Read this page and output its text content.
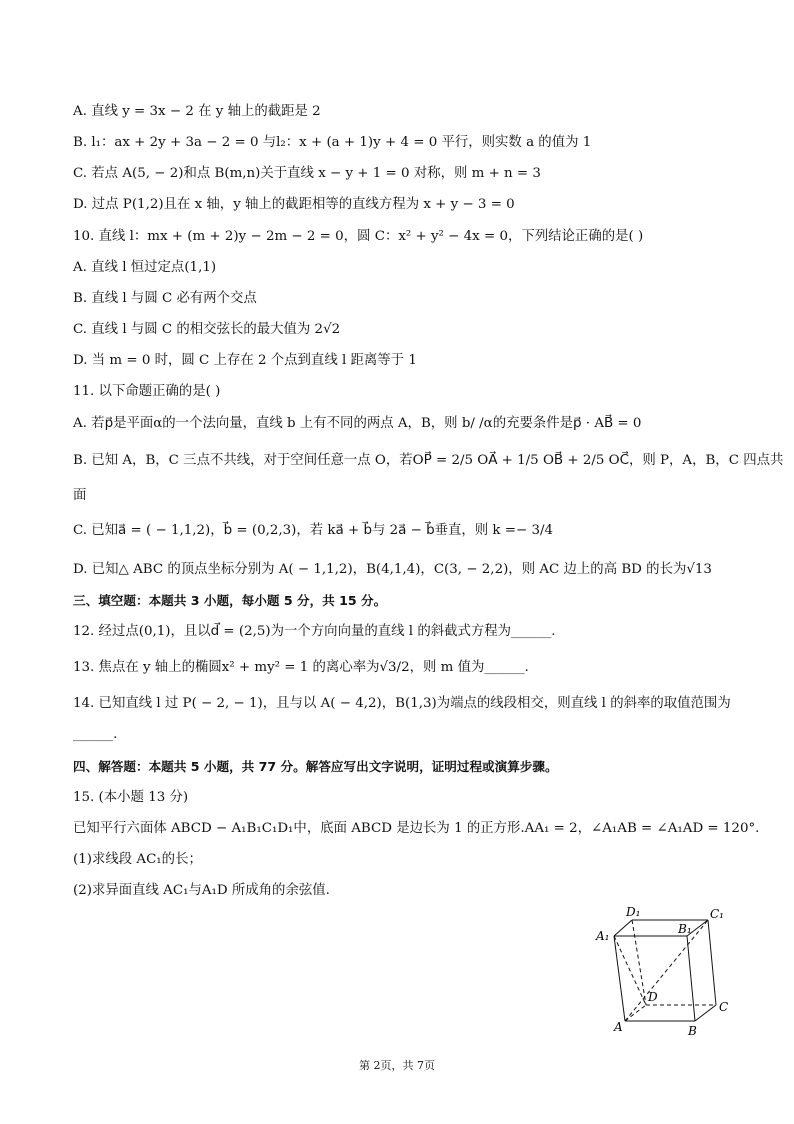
A. 直线 y = 3x − 2 在 y 轴上的截距是 2
B. l₁：ax + 2y + 3a − 2 = 0 与l₂：x + (a + 1)y + 4 = 0 平行，则实数 a 的值为 1
C. 若点 A(5, − 2)和点 B(m,n)关于直线 x − y + 1 = 0 对称，则 m + n = 3
D. 过点 P(1,2)且在 x 轴，y 轴上的截距相等的直线方程为 x + y − 3 = 0
10. 直线 l：mx + (m + 2)y − 2m − 2 = 0，圆 C：x² + y² − 4x = 0，下列结论正确的是( )
A. 直线 l 恒过定点(1,1)
B. 直线 l 与圆 C 必有两个交点
C. 直线 l 与圆 C 的相交弦长的最大值为 2√2
D. 当 m = 0 时，圆 C 上存在 2 个点到直线 l 距离等于 1
11. 以下命题正确的是( )
A. 若p⃗是平面α的一个法向量，直线 b 上有不同的两点 A，B，则 b/ /α的充要条件是p⃗ · AB⃗ = 0
B. 已知 A，B，C 三点不共线，对于空间任意一点 O，若OP⃗ = 2/5 OA⃗ + 1/5 OB⃗ + 2/5 OC⃗，则 P，A，B，C 四点共
面
C. 已知a⃗ = ( − 1,1,2)，b⃗ = (0,2,3)，若 ka⃗ + b⃗与 2a⃗ − b⃗垂直，则 k =− 3/4
D. 已知△ ABC 的顶点坐标分别为 A( − 1,1,2)，B(4,1,4)，C(3, − 2,2)，则 AC 边上的高 BD 的长为√13
三、填空题：本题共 3 小题，每小题 5 分，共 15 分。
12. 经过点(0,1)，且以d⃗ = (2,5)为一个方向向量的直线 l 的斜截式方程为______.
13. 焦点在 y 轴上的椭圆x² + my² = 1 的离心率为√3/2，则 m 值为______.
14. 已知直线 l 过 P( − 2, − 1)，且与以 A( − 4,2)，B(1,3)为端点的线段相交，则直线 l 的斜率的取值范围为
______.
四、解答题：本题共 5 小题，共 77 分。解答应写出文字说明，证明过程或演算步骤。
15. (本小题 13 分)
已知平行六面体 ABCD − A₁B₁C₁D₁中，底面 ABCD 是边长为 1 的正方形.AA₁ = 2，∠A₁AB = ∠A₁AD = 120°.
(1)求线段 AC₁的长；
(2)求异面直线 AC₁与A₁D 所成角的余弦值.
D₁	C₁
A₁	B₁
D
C
A	B
第 2页，共 7页
